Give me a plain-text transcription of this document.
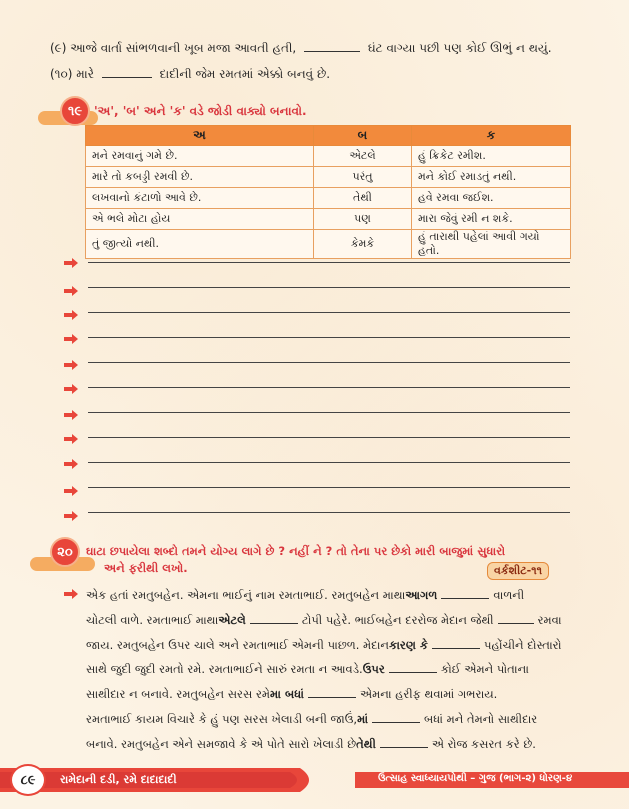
(૯) આજે વાર્તા સાંભળવાની ખૂબ મજા આવતી હતી,	ઘંટ વાગ્યા પછી પણ કોઈ ઊભું ન થયું.
(૧૦) મારે	દાદીની જેમ રમતમાં એક્કો બનવું છે.
૧૯ 'અ', 'બ' અને 'ક' વડે જોડી વાક્યો બનાવો.
અ	બ	ક
મને રમવાનું ગમે છે.	એટલે	હું ક્રિકેટ રમીશ.
મારે તો કબડ્ડી રમવી છે.	પરંતુ	મને કોઈ રમાડતું નથી.
લખવાનો કંટાળો આવે છે.	તેથી	હવે રમવા જઈશ.
એ ભલે મોટા હોય	પણ	મારા જેવું રમી ન શકે.
તું જીત્યો નથી.	કેમકે	હું તારાથી પહેલાં આવી ગયો હતો.
૨૦ ઘાટા છપાયેલા શબ્દો તમને યોગ્ય લાગે છે ? નહીં ને ? તો તેના પર છેકો મારી બાજુમાં સુધારો
અને ફરીથી લખો.	વર્કશીટ-૧૧
એક હતાં રમતુબહેન. એમના ભાઈનું નામ રમતાભાઈ. રમતુબહેન માથાઆગળ	વાળની
ચોટલી વાળે. રમતાભાઈ માથાએટલે	ટોપી પહેરે. ભાઈબહેન દરરોજ મેદાન જેથી	રમવા
જાય. રમતુબહેન ઉપર ચાલે અને રમતાભાઈ એમની પાછળ. મેદાનકારણ કે	પહોંચીને દોસ્તારો
સાથે જુદી જુદી રમતો રમે. રમતાભાઈને સારું રમતા ન આવડે.ઉપર	કોઈ એમને પોતાના
સાથીદાર ન બનાવે. રમતુબહેન સરસ રમેમા બધાં	એમના હરીફ થવામાં ગભરાય.
રમતાભાઈ કાયમ વિચારે કે હું પણ સરસ ખેલાડી બની જાઉં,માં	બધાં મને તેમનો સાથીદાર
બનાવે. રમતુબહેન એને સમજાવે કે એ પોતે સારો ખેલાડી છેતેથી	એ રોજ કસરત કરે છે.
૮૯	રામેદાની દડી, રમે દાદાદાદી	ઉત્સાહ સ્વાધ્યાયપોથી – ગુજ (ભાગ-૨) ધોરણ-૪
